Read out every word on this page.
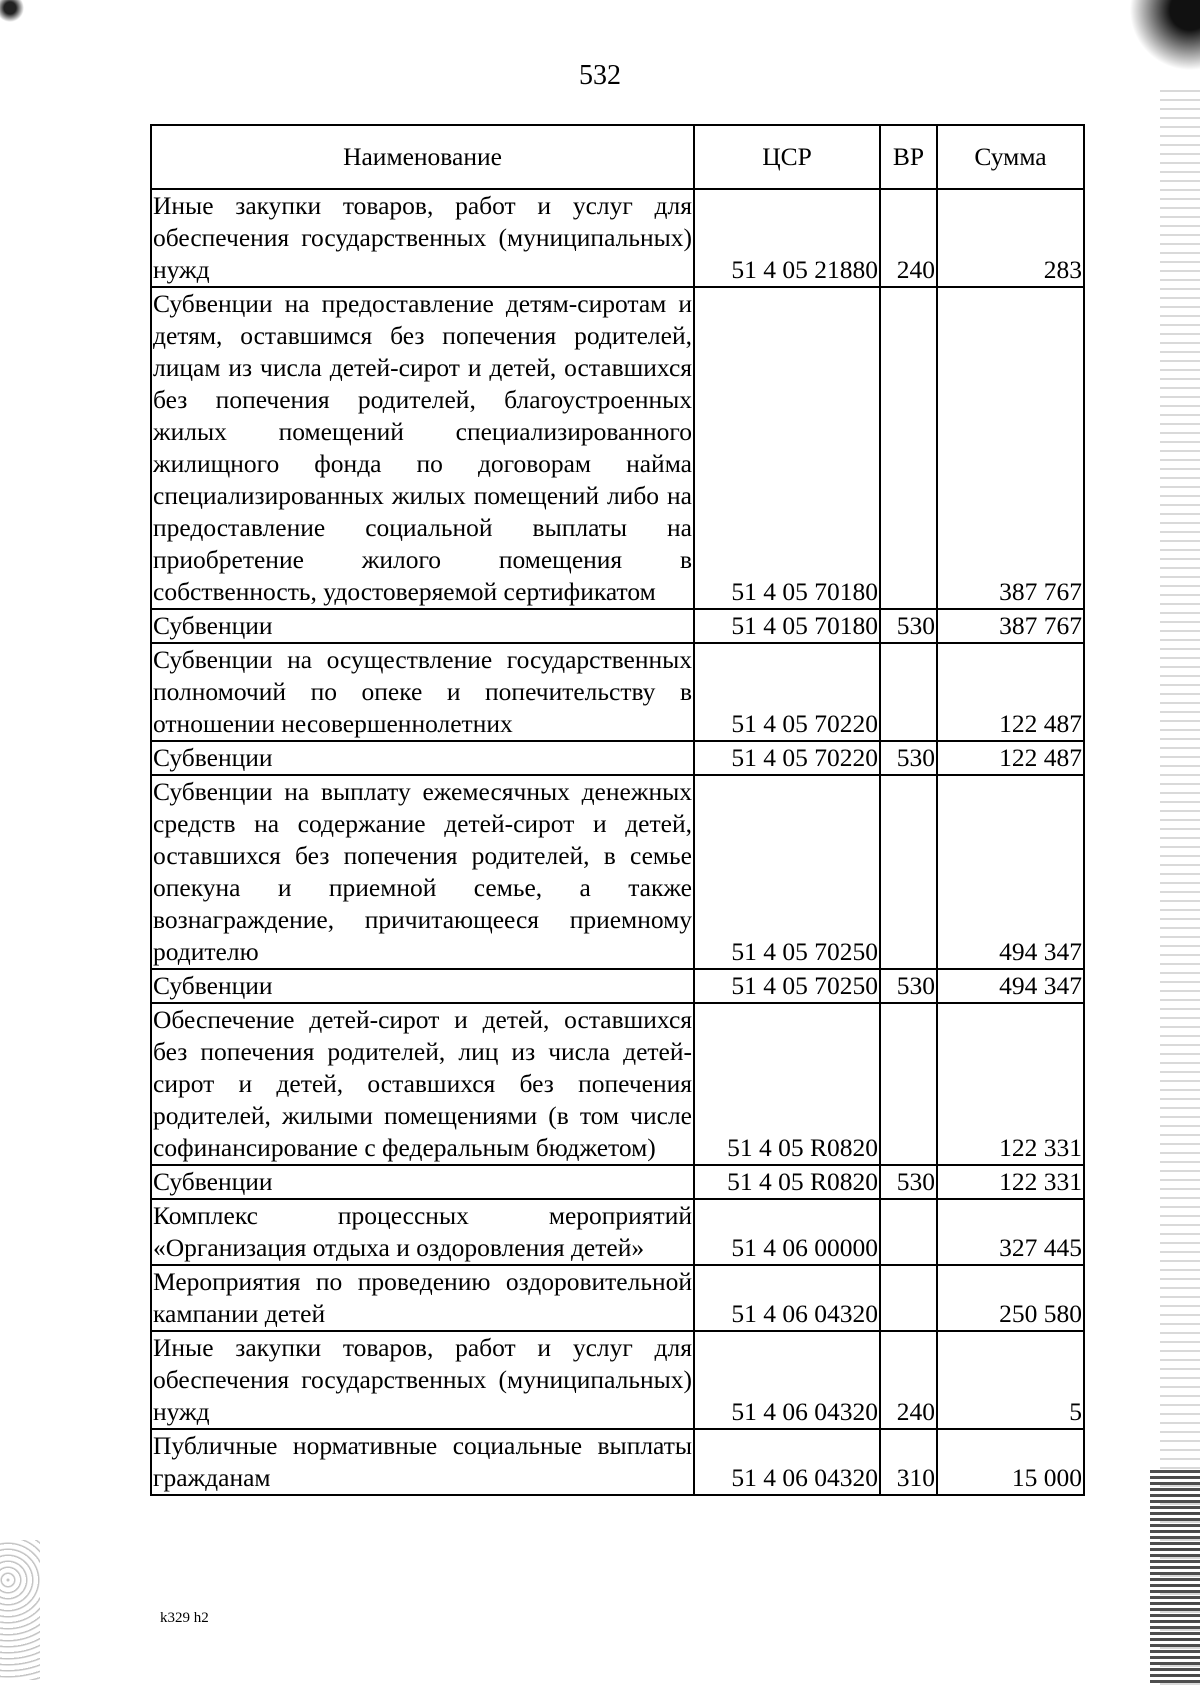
532
Наименование	ЦСР	ВР	Сумма
Иные закупки товаров, работ и услуг для обеспечения государственных (муниципальных) нужд	51 4 05 21880	240	283
Субвенции на предоставление детям-сиротам и детям, оставшимся без попечения родителей, лицам из числа детей-сирот и детей, оставшихся без попечения родителей, благоустроенных жилых помещений специализированного жилищного фонда по договорам найма специализированных жилых помещений либо на предоставление социальной выплаты на приобретение жилого помещения в собственность, удостоверяемой сертификатом	51 4 05 70180		387 767
Субвенции	51 4 05 70180	530	387 767
Субвенции на осуществление государственных полномочий по опеке и попечительству в отношении несовершеннолетних	51 4 05 70220		122 487
Субвенции	51 4 05 70220	530	122 487
Субвенции на выплату ежемесячных денежных средств на содержание детей-сирот и детей, оставшихся без попечения родителей, в семье опекуна и приемной семье, а также вознаграждение, причитающееся приемному родителю	51 4 05 70250		494 347
Субвенции	51 4 05 70250	530	494 347
Обеспечение детей-сирот и детей, оставшихся без попечения родителей, лиц из числа детей-сирот и детей, оставшихся без попечения родителей, жилыми помещениями (в том числе софинансирование с федеральным бюджетом)	51 4 05 R0820		122 331
Субвенции	51 4 05 R0820	530	122 331
Комплекс процессных мероприятий «Организация отдыха и оздоровления детей»	51 4 06 00000		327 445
Мероприятия по проведению оздоровительной кампании детей	51 4 06 04320		250 580
Иные закупки товаров, работ и услуг для обеспечения государственных (муниципальных) нужд	51 4 06 04320	240	5
Публичные нормативные социальные выплаты гражданам	51 4 06 04320	310	15 000
k329 h2
